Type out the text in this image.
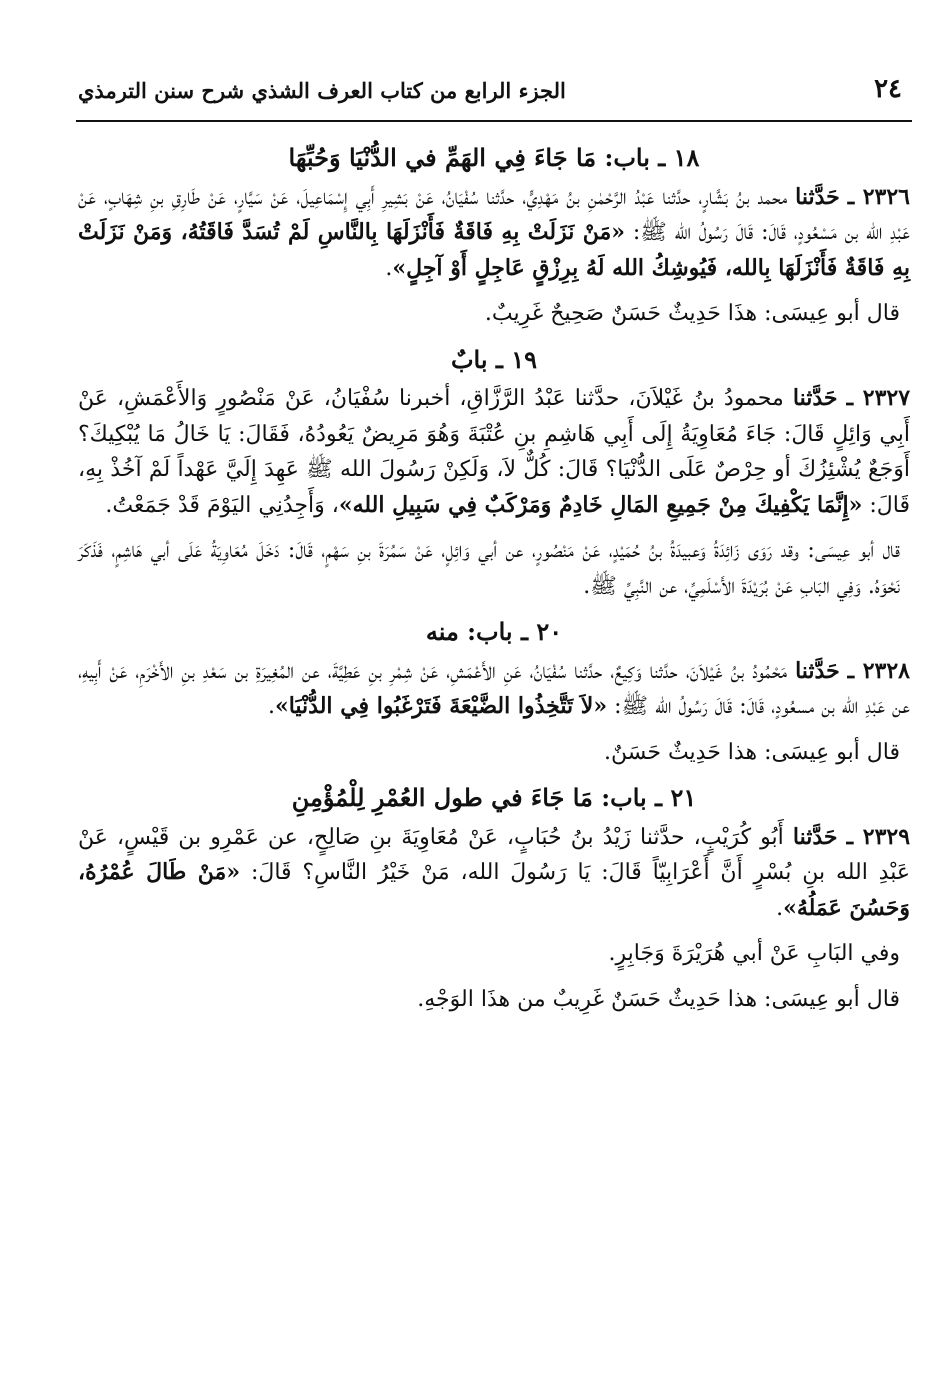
٢٤
الجزء الرابع من كتاب العرف الشذي شرح سنن الترمذي
١٨ ـ باب: مَا جَاءَ فِي الهَمِّ في الدُّنْيَا وَحُبِّهَا

٢٣٢٦ ـ حَدَّثنا محمد بنُ بَشَّارٍ، حدَّثنا عَبْدُ الرَّحْمٰنِ بنُ مَهْدِيٍّ، حدَّثنا سُفْيَانُ، عَنْ بَشِيرِ أَبِي إِسْمَاعِيلَ، عَنْ سَيَّارٍ، عَنْ طَارِقِ بنِ شِهَابٍ، عَنْ عَبْدِ الله بن مَسْعُودٍ، قَالَ: قَالَ رَسُولُ الله ﷺ: «مَنْ نَزَلَتْ بِهِ فَاقَةٌ فَأَنْزَلَهَا بِالنَّاسِ لَمْ تُسَدَّ فَاقَتُهُ، وَمَنْ نَزَلَتْ بِهِ فَاقَةٌ فَأَنْزَلَهَا بِالله، فَيُوشِكُ الله لَهُ بِرِزْقٍ عَاجِلٍ أَوْ آجِلٍ».

قال أبو عِيسَى: هذَا حَدِيثٌ حَسَنٌ صَحِيحٌ غَرِيبٌ.

١٩ ـ بابٌ

٢٣٢٧ ـ حَدَّثنا محمودُ بنُ غَيْلاَنَ، حدَّثنا عَبْدُ الرَّزَّاقِ، أخبرنا سُفْيَانُ، عَنْ مَنْصُورٍ وَالأَعْمَشِ، عَنْ أَبِي وَائِلٍ قَالَ: جَاءَ مُعَاوِيَةُ إِلَى أَبِي هَاشِمِ بنِ عُتْبَةَ وَهُوَ مَرِيضٌ يَعُودُهُ، فَقَالَ: يَا خَالُ مَا يُبْكِيكَ؟ أَوَجَعٌ يُشْئِزُكَ أو حِرْصٌ عَلَى الدُّنْيَا؟ قَالَ: كُلٌّ لاَ، وَلَكِنْ رَسُولَ الله ﷺ عَهِدَ إِلَيَّ عَهْداً لَمْ آخُذْ بِهِ، قَالَ: «إِنَّمَا يَكْفِيكَ مِنْ جَمِيعِ المَالِ خَادِمٌ وَمَرْكَبٌ فِي سَبِيلِ الله»، وَأَجِدُنِي اليَوْمَ قَدْ جَمَعْتُ.

قال أبو عِيسَى: وقد رَوَى زَائِدَةُ وَعبيدَةُ بنُ حُمَيْدٍ، عَنْ مَنْصُورٍ، عن أبي وَائِلٍ، عَنْ سَمُرَةَ بنِ سَهْمٍ، قَالَ: دَخَلَ مُعَاوِيَةُ عَلَى أبي هَاشِمٍ، فَذَكَرَ نَحْوَهُ. وَفِي البَابِ عَنْ بُرَيْدَةَ الأَسْلَمِيِّ، عن النَّبِيِّ ﷺ.

٢٠ ـ باب: منه

٢٣٢٨ ـ حَدَّثنا مَحْمُودُ بنُ غَيْلاَنَ، حدَّثنا وَكِيعٌ، حدَّثنا سُفْيَانُ، عَنِ الأَعْمَشِ، عَنْ شِمْرِ بنِ عَطِيَّةَ، عن المُغِيرَةِ بن سَعْدِ بنِ الأَخْرَمِ، عَنْ أَبِيهِ، عن عَبْدِ الله بن مسعُودٍ، قَالَ: قَالَ رَسُولُ الله ﷺ: «لاَ تَتَّخِذُوا الضَّيْعَةَ فَتَرْغَبُوا فِي الدُّنْيَا».

قال أبو عِيسَى: هذا حَدِيثٌ حَسَنٌ.

٢١ ـ باب: مَا جَاءَ في طول العُمْرِ لِلْمُؤْمِنِ

٢٣٢٩ ـ حَدَّثنا أَبُو كُرَيْبٍ، حدَّثنا زَيْدُ بنُ حُبَابٍ، عَنْ مُعَاوِيَةَ بنِ صَالِحٍ، عن عَمْرِو بن قَيْسٍ، عَنْ عَبْدِ الله بنِ بُسْرٍ أَنَّ أَعْرَابِيّاً قَالَ: يَا رَسُولَ الله، مَنْ خَيْرُ النَّاسِ؟ قَالَ: «مَنْ طَالَ عُمْرُهُ، وَحَسُنَ عَمَلُهُ».

وفي البَابِ عَنْ أبي هُرَيْرَةَ وَجَابِرٍ.

قال أبو عِيسَى: هذا حَدِيثٌ حَسَنٌ غَرِيبٌ من هذَا الوَجْهِ.
